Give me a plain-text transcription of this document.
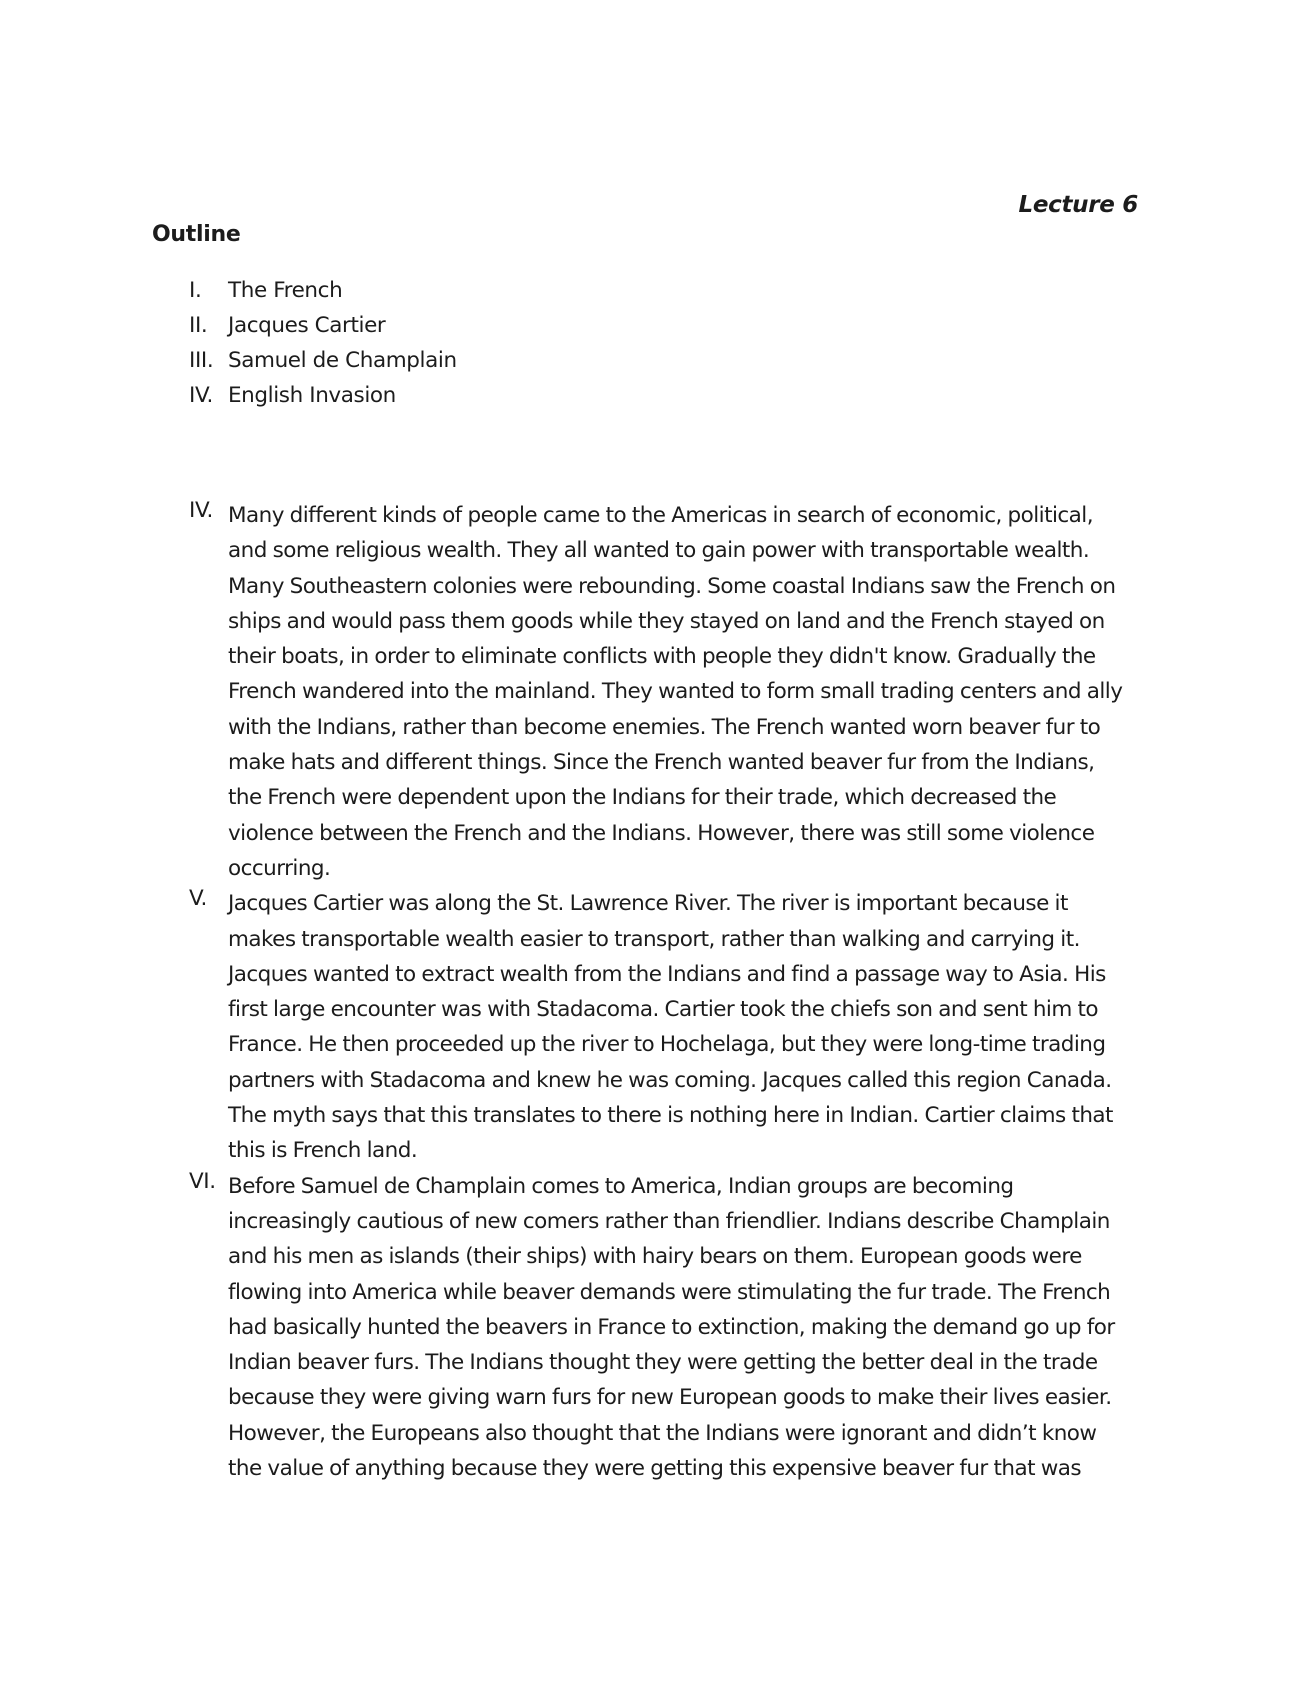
Lecture 6
Outline
I. The French
II. Jacques Cartier
III. Samuel de Champlain
IV. English Invasion
IV. Many different kinds of people came to the Americas in search of economic, political,
and some religious wealth. They all wanted to gain power with transportable wealth.
Many Southeastern colonies were rebounding. Some coastal Indians saw the French on
ships and would pass them goods while they stayed on land and the French stayed on
their boats, in order to eliminate conflicts with people they didn't know. Gradually the
French wandered into the mainland. They wanted to form small trading centers and ally
with the Indians, rather than become enemies. The French wanted worn beaver fur to
make hats and different things. Since the French wanted beaver fur from the Indians,
the French were dependent upon the Indians for their trade, which decreased the
violence between the French and the Indians. However, there was still some violence
occurring.
V. Jacques Cartier was along the St. Lawrence River. The river is important because it
makes transportable wealth easier to transport, rather than walking and carrying it.
Jacques wanted to extract wealth from the Indians and find a passage way to Asia. His
first large encounter was with Stadacoma. Cartier took the chiefs son and sent him to
France. He then proceeded up the river to Hochelaga, but they were long-time trading
partners with Stadacoma and knew he was coming. Jacques called this region Canada.
The myth says that this translates to there is nothing here in Indian. Cartier claims that
this is French land.
VI. Before Samuel de Champlain comes to America, Indian groups are becoming
increasingly cautious of new comers rather than friendlier. Indians describe Champlain
and his men as islands (their ships) with hairy bears on them. European goods were
flowing into America while beaver demands were stimulating the fur trade. The French
had basically hunted the beavers in France to extinction, making the demand go up for
Indian beaver furs. The Indians thought they were getting the better deal in the trade
because they were giving warn furs for new European goods to make their lives easier.
However, the Europeans also thought that the Indians were ignorant and didn’t know
the value of anything because they were getting this expensive beaver fur that was
